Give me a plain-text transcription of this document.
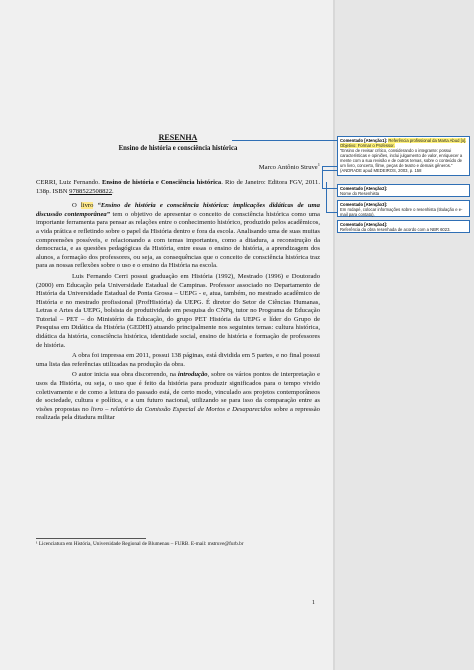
RESENHA
Ensino de história e consciência histórica
Marco Antônio Struve$^1$

CERRI, Luiz Fernando. Ensino de história e Consciência histórica. Rio de Janeiro: Editora FGV, 2011. 138p. ISBN 9788522508822.

O livro “Ensino de história e consciência histórica: implicações didáticas de uma discussão contemporânea” tem o objetivo de apresentar o conceito de consciência histórica como uma importante ferramenta para pensar as relações entre o conhecimento histórico, produzido pelos acadêmicos, a vida prática e refletindo sobre o papel da História dentro e fora da escola. Analisando uma de suas muitas compreensões possíveis, e relacionando a com temas importantes, como a ditadura, a reconstrução da democracia, e as questões pedagógicas da História, entre essas o ensino de história, a aprendizagem dos alunos, a formação dos professores, ou seja, as consequências que o conceito de consciência histórica traz para as nossas reflexões sobre o uso e o ensino da História na escola.

Luis Fernando Cerri possui graduação em História (1992), Mestrado (1996) e Doutorado (2000) em Educação pela Universidade Estadual de Campinas. Professor associado no Departamento de História da Universidade Estadual de Ponta Grossa – UEPG - e, atua, também, no mestrado acadêmico de História e no mestrado profissional (ProfHistória) da UEPG. É diretor do Setor de Ciências Humanas, Letras e Artes da UEPG, bolsista de produtividade em pesquisa do CNPq, tutor no Programa de Educação Tutorial – PET – do Ministério da Educação, do grupo PET História da UEPG e líder do Grupo de Pesquisa em Didática da História (GEDHI) atuando principalmente nos seguintes temas: cultura histórica, didática da história, consciência histórica, identidade social, ensino de história e formação de professores de história.

A obra foi impressa em 2011, possui 138 páginas, está dividida em 5 partes, e no final possui uma lista das referências utilizadas na produção da obra.

O autor inicia sua obra discorrendo, na introdução, sobre os vários pontos de interpretação e usos da História, ou seja, o uso que é feito da história para produzir significados para o tempo vivido coletivamente e de como a leitura do passado está, de certo modo, vinculado aos projetos contemporâneos de sociedade, cultura e política, e a um futuro nacional, utilizando se para isso da comparação entre as visões propostas no livro – relatório da Comissão Especial de Mortos e Desaparecidos sobre a repressão realizada pela ditadura militar

¹ Licenciatura em História, Universidade Regional de Blumenau – FURB. E-mail: mstruve@furb.br
1
Comentado [Atenção1]: Referência profissional da Marta Abud [o]. Objetivo: Formar o Professor.
“Ensino de revisar crítico, considerando o integrante: possui características e opiniões, inclui julgamento de valor, enriquecer a mente com a sua revisão e de outros temas, sobre o conteúdo de um livro, concerto, filme, peças de teatro e demais gêneros.” (ANDRADE apud MEDEIROS, 2003, p. 158
Comentado [Atenção2]:
Nome do Resenhista
Comentado [Atenção3]:
Em rodapé, colocar informações sobre o resenhista (titulação e e-mail para contato).
Comentado [Atenção4]:
Referência da obra resenhada de acordo com a NBR 6023.
